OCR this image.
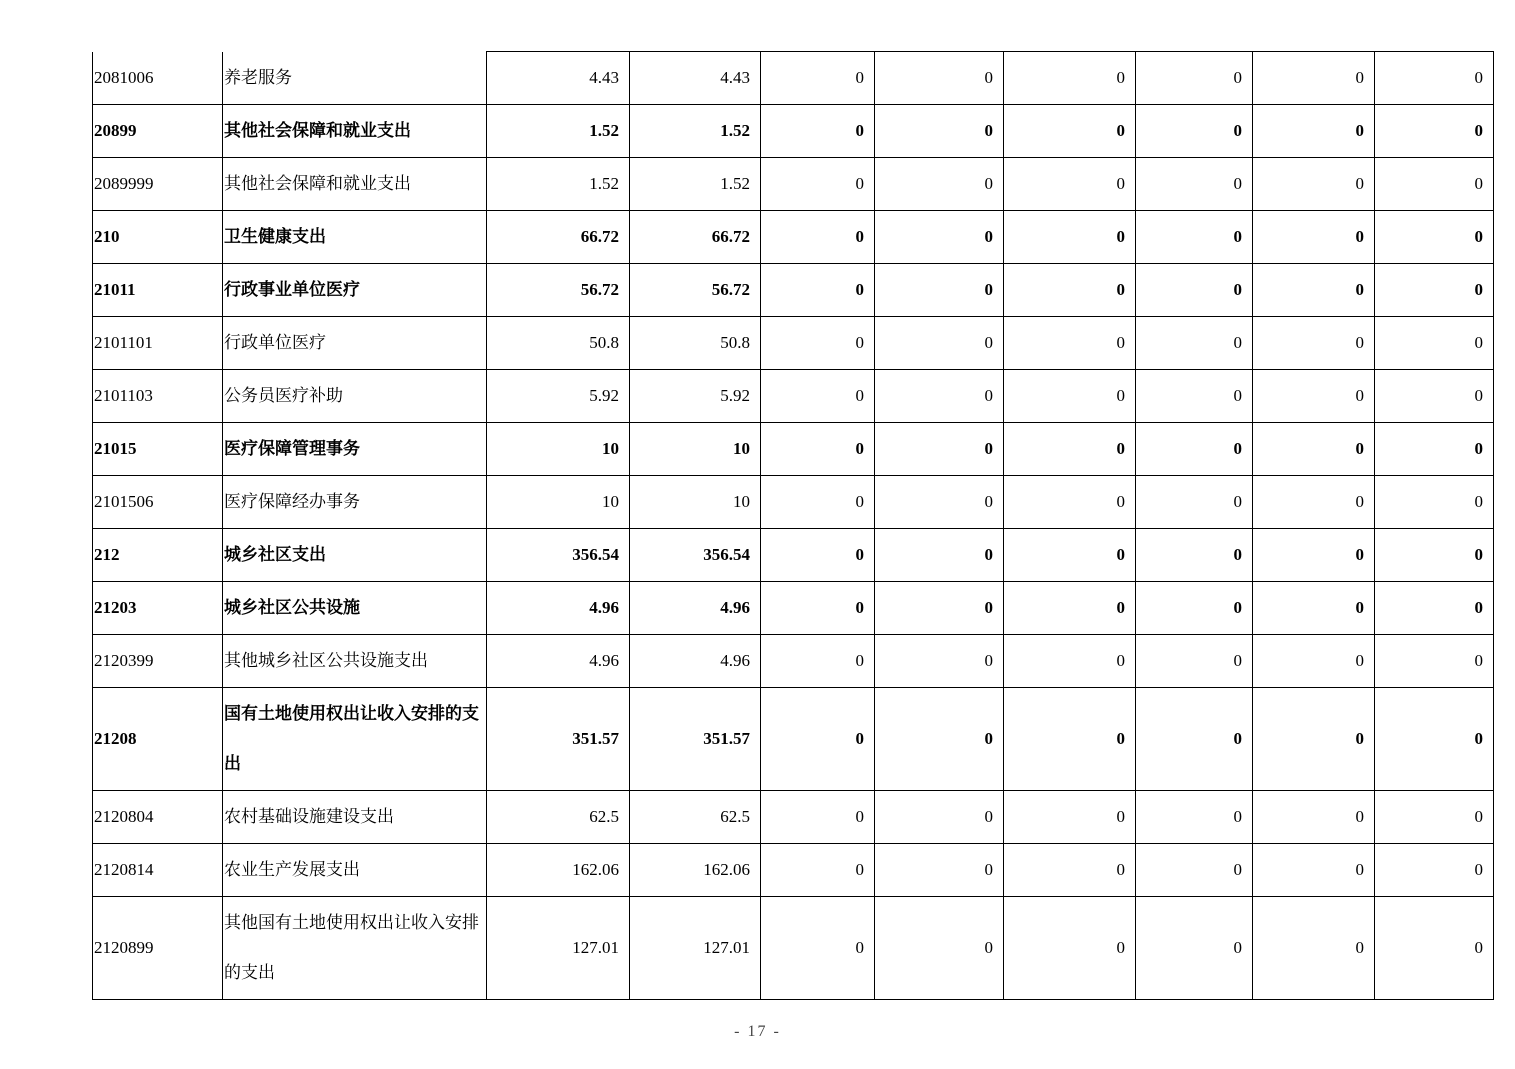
2081006	养老服务	4.43	4.43	0	0	0	0	0	0
20899	其他社会保障和就业支出	1.52	1.52	0	0	0	0	0	0
2089999	其他社会保障和就业支出	1.52	1.52	0	0	0	0	0	0
210	卫生健康支出	66.72	66.72	0	0	0	0	0	0
21011	行政事业单位医疗	56.72	56.72	0	0	0	0	0	0
2101101	行政单位医疗	50.8	50.8	0	0	0	0	0	0
2101103	公务员医疗补助	5.92	5.92	0	0	0	0	0	0
21015	医疗保障管理事务	10	10	0	0	0	0	0	0
2101506	医疗保障经办事务	10	10	0	0	0	0	0	0
212	城乡社区支出	356.54	356.54	0	0	0	0	0	0
21203	城乡社区公共设施	4.96	4.96	0	0	0	0	0	0
2120399	其他城乡社区公共设施支出	4.96	4.96	0	0	0	0	0	0
21208	国有土地使用权出让收入安排的支出	351.57	351.57	0	0	0	0	0	0
2120804	农村基础设施建设支出	62.5	62.5	0	0	0	0	0	0
2120814	农业生产发展支出	162.06	162.06	0	0	0	0	0	0
2120899	其他国有土地使用权出让收入安排的支出	127.01	127.01	0	0	0	0	0	0
- 17 -
